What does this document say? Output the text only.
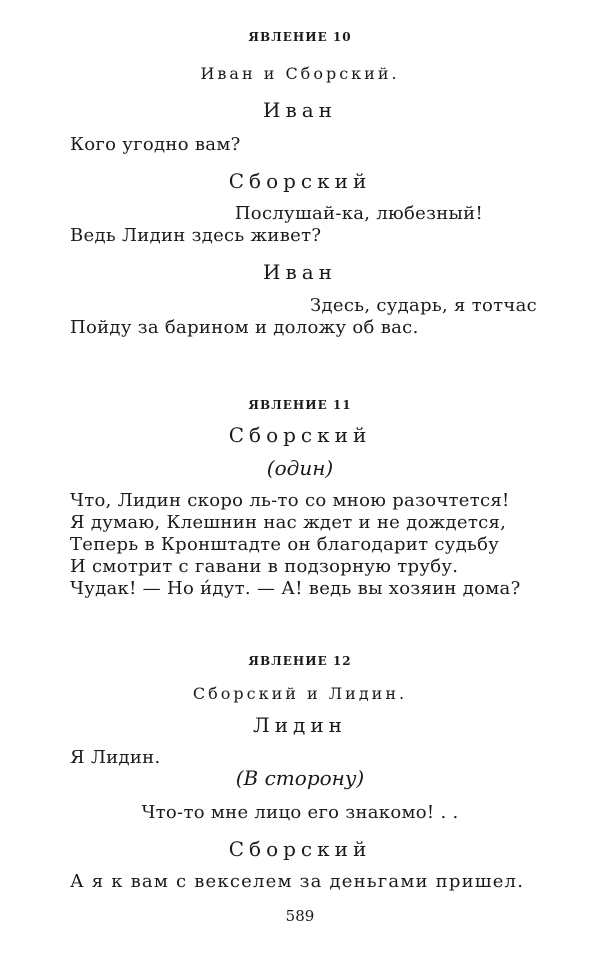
ЯВЛЕНИЕ 10
Иван и Сборский.
Иван
Кого угодно вам?
Сборский
Послушай-ка, любезный!
Ведь Лидин здесь живет?
Иван
Здесь, сударь, я тотчас
Пойду за барином и доложу об вас.
ЯВЛЕНИЕ 11
Сборский
(один)
Что, Лидин скоро ль-то со мною разочтется!
Я думаю, Клешнин нас ждет и не дождется,
Теперь в Кронштадте он благодарит судьбу
И смотрит с гавани в подзорную трубу.
Чудак! — Но и́дут. — А! ведь вы хозяин дома?
ЯВЛЕНИЕ 12
Сборский и Лидин.
Лидин
Я Лидин.
(В сторону)
Что-то мне лицо его знакомо! . .
Сборский
А я к вам с векселем за деньгами пришел.
589
